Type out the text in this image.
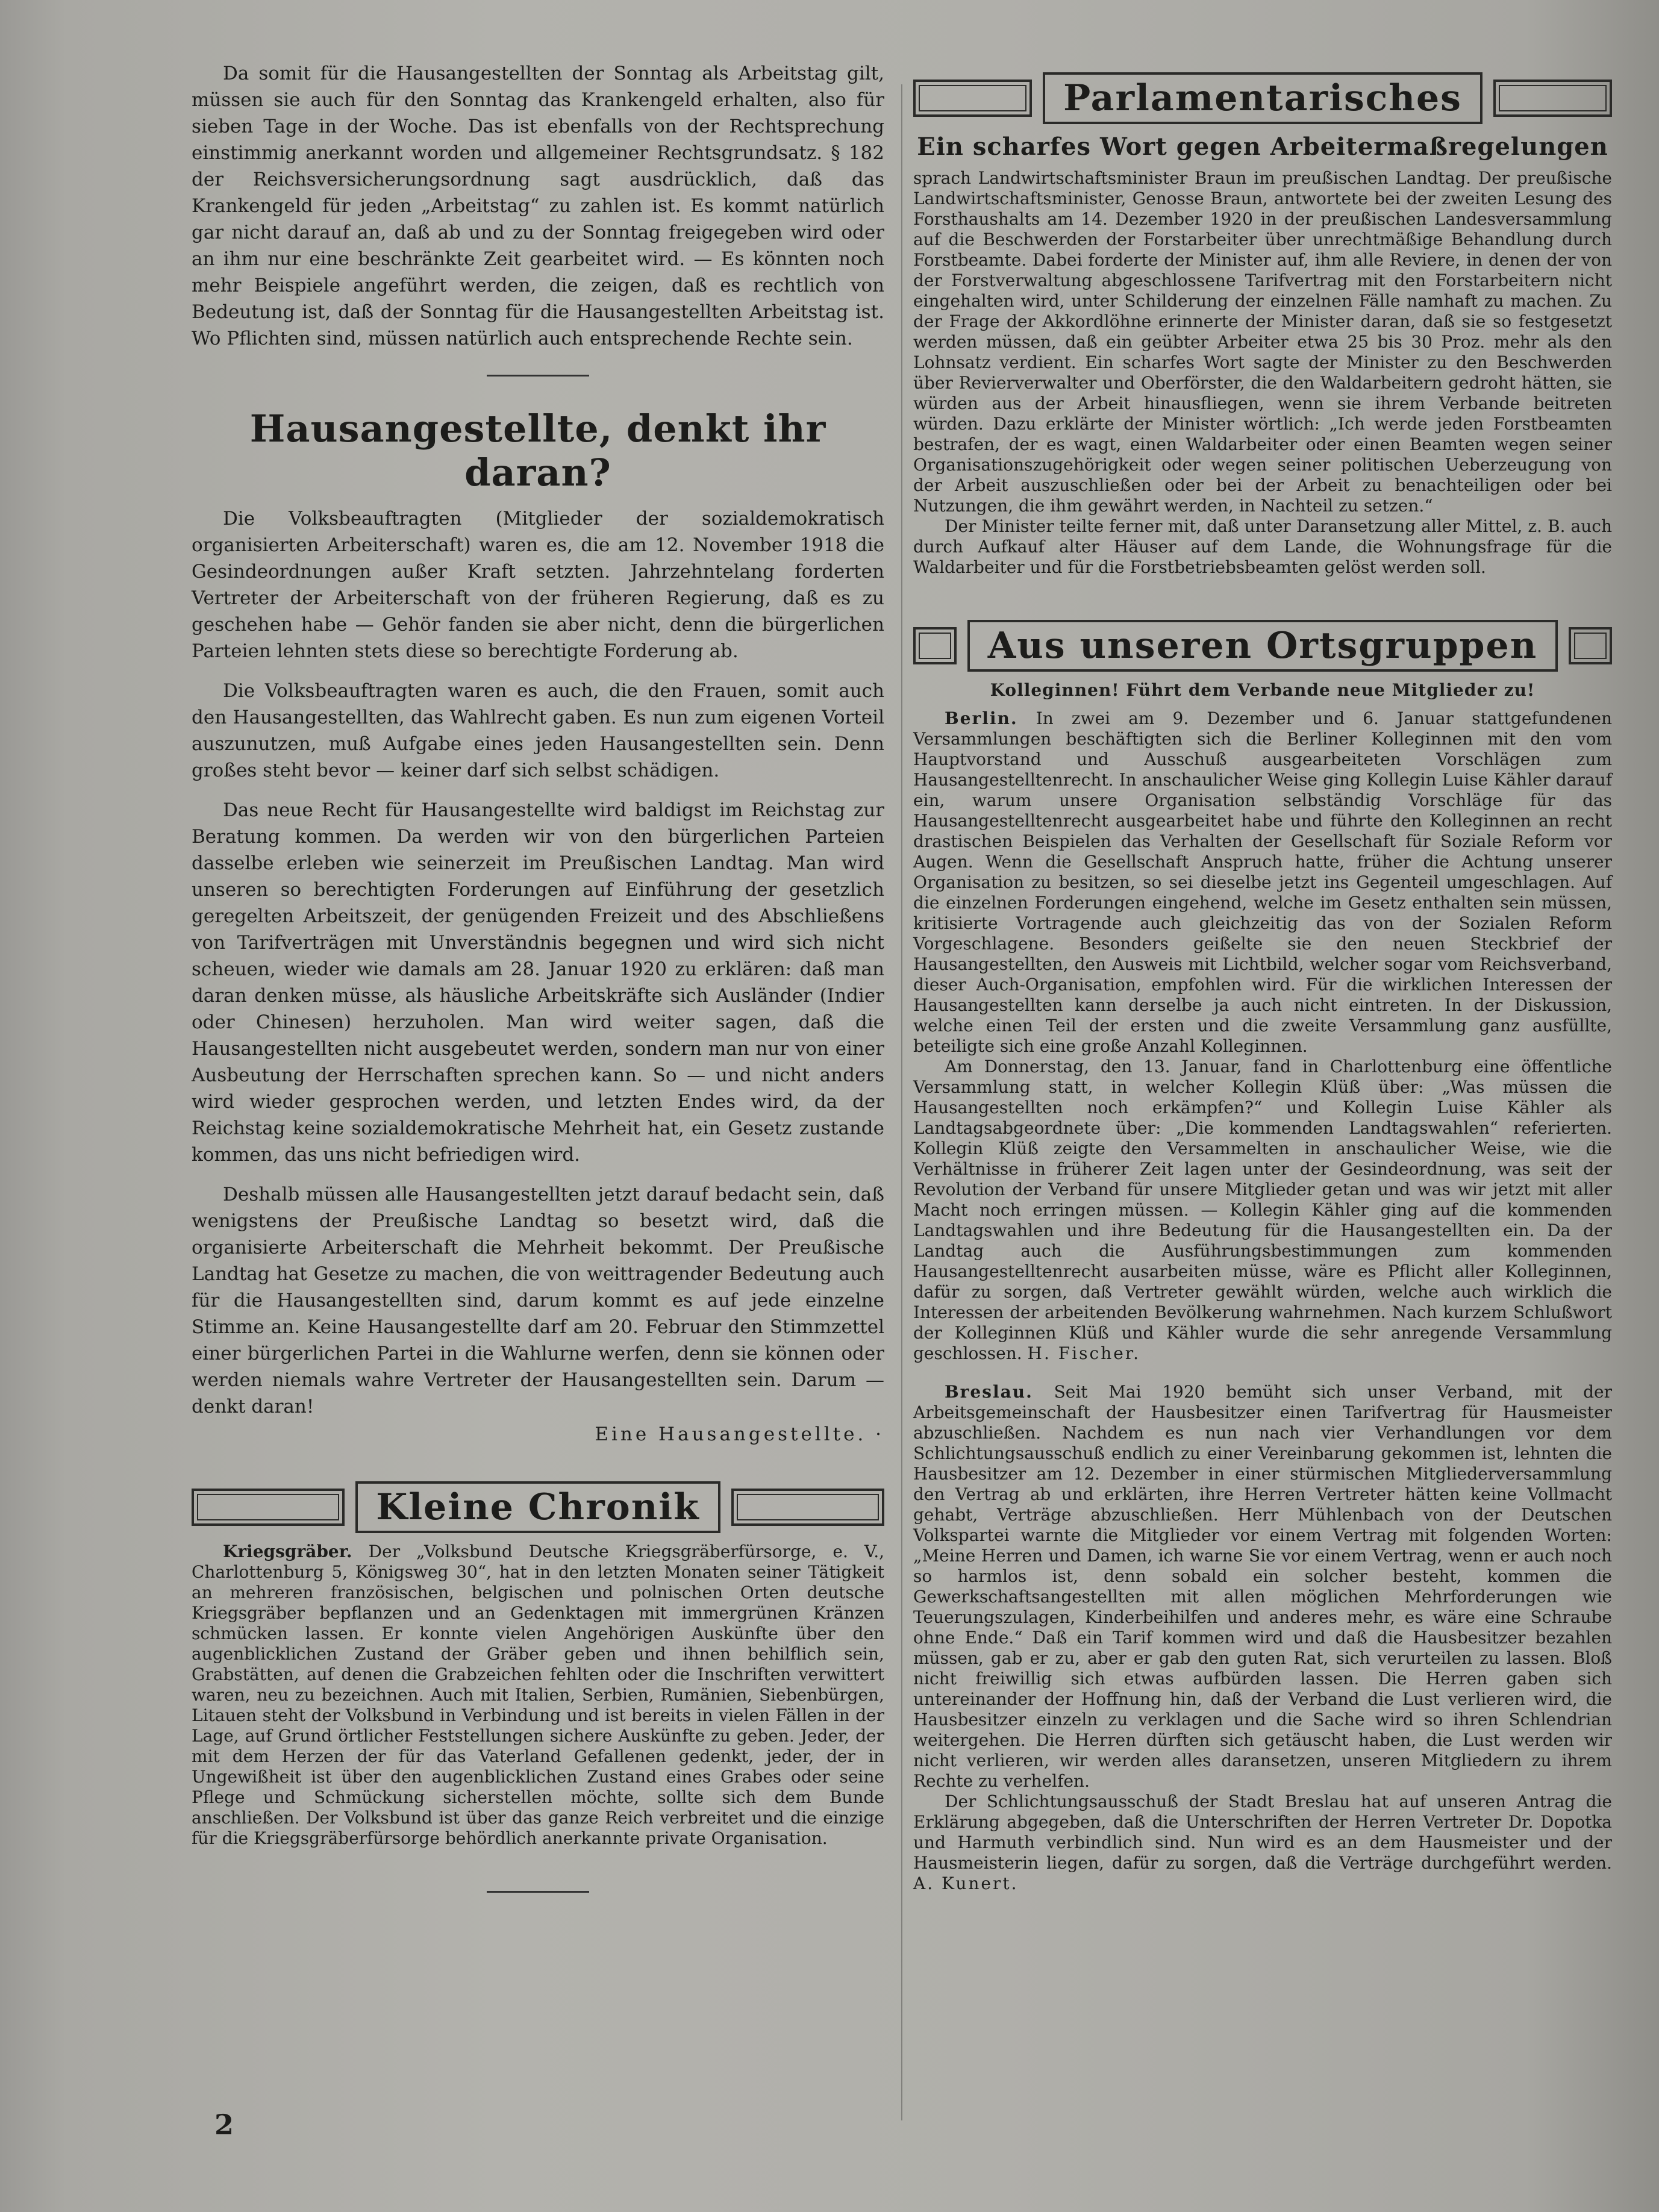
Da somit für die Hausangestellten der Sonntag als Arbeitstag gilt, müssen sie auch für den Sonntag das Krankengeld erhalten, also für sieben Tage in der Woche. Das ist ebenfalls von der Rechtsprechung einstimmig anerkannt worden und allgemeiner Rechtsgrundsatz. § 182 der Reichsversicherungsordnung sagt ausdrücklich, daß das Krankengeld für jeden „Arbeitstag“ zu zahlen ist. Es kommt natürlich gar nicht darauf an, daß ab und zu der Sonntag freigegeben wird oder an ihm nur eine beschränkte Zeit gearbeitet wird. — Es könnten noch mehr Beispiele angeführt werden, die zeigen, daß es rechtlich von Bedeutung ist, daß der Sonntag für die Hausangestellten Arbeitstag ist. Wo Pflichten sind, müssen natürlich auch entsprechende Rechte sein.

Hausangestellte, denkt ihr daran?

Die Volksbeauftragten (Mitglieder der sozialdemokratisch organisierten Arbeiterschaft) waren es, die am 12. November 1918 die Gesindeordnungen außer Kraft setzten. Jahrzehntelang forderten Vertreter der Arbeiterschaft von der früheren Regierung, daß es zu geschehen habe — Gehör fanden sie aber nicht, denn die bürgerlichen Parteien lehnten stets diese so berechtigte Forderung ab.

Die Volksbeauftragten waren es auch, die den Frauen, somit auch den Hausangestellten, das Wahlrecht gaben. Es nun zum eigenen Vorteil auszunutzen, muß Aufgabe eines jeden Hausangestellten sein. Denn großes steht bevor — keiner darf sich selbst schädigen.

Das neue Recht für Hausangestellte wird baldigst im Reichstag zur Beratung kommen. Da werden wir von den bürgerlichen Parteien dasselbe erleben wie seinerzeit im Preußischen Landtag. Man wird unseren so berechtigten Forderungen auf Einführung der gesetzlich geregelten Arbeitszeit, der genügenden Freizeit und des Abschließens von Tarifverträgen mit Unverständnis begegnen und wird sich nicht scheuen, wieder wie damals am 28. Januar 1920 zu erklären: daß man daran denken müsse, als häusliche Arbeitskräfte sich Ausländer (Indier oder Chinesen) herzuholen. Man wird weiter sagen, daß die Hausangestellten nicht ausgebeutet werden, sondern man nur von einer Ausbeutung der Herrschaften sprechen kann. So — und nicht anders wird wieder gesprochen werden, und letzten Endes wird, da der Reichstag keine sozialdemokratische Mehrheit hat, ein Gesetz zustande kommen, das uns nicht befriedigen wird.

Deshalb müssen alle Hausangestellten jetzt darauf bedacht sein, daß wenigstens der Preußische Landtag so besetzt wird, daß die organisierte Arbeiterschaft die Mehrheit bekommt. Der Preußische Landtag hat Gesetze zu machen, die von weittragender Bedeutung auch für die Hausangestellten sind, darum kommt es auf jede einzelne Stimme an. Keine Hausangestellte darf am 20. Februar den Stimmzettel einer bürgerlichen Partei in die Wahlurne werfen, denn sie können oder werden niemals wahre Vertreter der Hausangestellten sein. Darum — denkt daran!

Eine Hausangestellte. ·
Kleine Chronik

Kriegsgräber. Der „Volksbund Deutsche Kriegsgräberfürsorge, e. V., Charlottenburg 5, Königsweg 30“, hat in den letzten Monaten seiner Tätigkeit an mehreren französischen, belgischen und polnischen Orten deutsche Kriegsgräber bepflanzen und an Gedenktagen mit immergrünen Kränzen schmücken lassen. Er konnte vielen Angehörigen Auskünfte über den augenblicklichen Zustand der Gräber geben und ihnen behilflich sein, Grabstätten, auf denen die Grabzeichen fehlten oder die Inschriften verwittert waren, neu zu bezeichnen. Auch mit Italien, Serbien, Rumänien, Siebenbürgen, Litauen steht der Volksbund in Verbindung und ist bereits in vielen Fällen in der Lage, auf Grund örtlicher Feststellungen sichere Auskünfte zu geben. Jeder, der mit dem Herzen der für das Vaterland Gefallenen gedenkt, jeder, der in Ungewißheit ist über den augenblicklichen Zustand eines Grabes oder seine Pflege und Schmückung sicherstellen möchte, sollte sich dem Bunde anschließen. Der Volksbund ist über das ganze Reich verbreitet und die einzige für die Kriegsgräberfürsorge behördlich anerkannte private Organisation.

Parlamentarisches
Ein scharfes Wort gegen Arbeitermaßregelungen

sprach Landwirtschaftsminister Braun im preußischen Landtag. Der preußische Landwirtschaftsminister, Genosse Braun, antwortete bei der zweiten Lesung des Forsthaushalts am 14. Dezember 1920 in der preußischen Landesversammlung auf die Beschwerden der Forstarbeiter über unrechtmäßige Behandlung durch Forstbeamte. Dabei forderte der Minister auf, ihm alle Reviere, in denen der von der Forstverwaltung abgeschlossene Tarifvertrag mit den Forstarbeitern nicht eingehalten wird, unter Schilderung der einzelnen Fälle namhaft zu machen. Zu der Frage der Akkordlöhne erinnerte der Minister daran, daß sie so festgesetzt werden müssen, daß ein geübter Arbeiter etwa 25 bis 30 Proz. mehr als den Lohnsatz verdient. Ein scharfes Wort sagte der Minister zu den Beschwerden über Revierverwalter und Oberförster, die den Waldarbeitern gedroht hätten, sie würden aus der Arbeit hinausfliegen, wenn sie ihrem Verbande beitreten würden. Dazu erklärte der Minister wörtlich: „Ich werde jeden Forstbeamten bestrafen, der es wagt, einen Waldarbeiter oder einen Beamten wegen seiner Organisationszugehörigkeit oder wegen seiner politischen Ueberzeugung von der Arbeit auszuschließen oder bei der Arbeit zu benachteiligen oder bei Nutzungen, die ihm gewährt werden, in Nachteil zu setzen.“

Der Minister teilte ferner mit, daß unter Daransetzung aller Mittel, z. B. auch durch Aufkauf alter Häuser auf dem Lande, die Wohnungsfrage für die Waldarbeiter und für die Forstbetriebsbeamten gelöst werden soll.

Aus unseren Ortsgruppen
Kolleginnen! Führt dem Verbande neue Mitglieder zu!

Berlin. In zwei am 9. Dezember und 6. Januar stattgefundenen Versammlungen beschäftigten sich die Berliner Kolleginnen mit den vom Hauptvorstand und Ausschuß ausgearbeiteten Vorschlägen zum Hausangestelltenrecht. In anschaulicher Weise ging Kollegin Luise Kähler darauf ein, warum unsere Organisation selbständig Vorschläge für das Hausangestelltenrecht ausgearbeitet habe und führte den Kolleginnen an recht drastischen Beispielen das Verhalten der Gesellschaft für Soziale Reform vor Augen. Wenn die Gesellschaft Anspruch hatte, früher die Achtung unserer Organisation zu besitzen, so sei dieselbe jetzt ins Gegenteil umgeschlagen. Auf die einzelnen Forderungen eingehend, welche im Gesetz enthalten sein müssen, kritisierte Vortragende auch gleichzeitig das von der Sozialen Reform Vorgeschlagene. Besonders geißelte sie den neuen Steckbrief der Hausangestellten, den Ausweis mit Lichtbild, welcher sogar vom Reichsverband, dieser Auch-Organisation, empfohlen wird. Für die wirklichen Interessen der Hausangestellten kann derselbe ja auch nicht eintreten. In der Diskussion, welche einen Teil der ersten und die zweite Versammlung ganz ausfüllte, beteiligte sich eine große Anzahl Kolleginnen.

Am Donnerstag, den 13. Januar, fand in Charlottenburg eine öffentliche Versammlung statt, in welcher Kollegin Klüß über: „Was müssen die Hausangestellten noch erkämpfen?“ und Kollegin Luise Kähler als Landtagsabgeordnete über: „Die kommenden Landtagswahlen“ referierten. Kollegin Klüß zeigte den Versammelten in anschaulicher Weise, wie die Verhältnisse in früherer Zeit lagen unter der Gesindeordnung, was seit der Revolution der Verband für unsere Mitglieder getan und was wir jetzt mit aller Macht noch erringen müssen. — Kollegin Kähler ging auf die kommenden Landtagswahlen und ihre Bedeutung für die Hausangestellten ein. Da der Landtag auch die Ausführungsbestimmungen zum kommenden Hausangestelltenrecht ausarbeiten müsse, wäre es Pflicht aller Kolleginnen, dafür zu sorgen, daß Vertreter gewählt würden, welche auch wirklich die Interessen der arbeitenden Bevölkerung wahrnehmen. Nach kurzem Schlußwort der Kolleginnen Klüß und Kähler wurde die sehr anregende Versammlung geschlossen. H. Fischer.

Breslau. Seit Mai 1920 bemüht sich unser Verband, mit der Arbeitsgemeinschaft der Hausbesitzer einen Tarifvertrag für Hausmeister abzuschließen. Nachdem es nun nach vier Verhandlungen vor dem Schlichtungsausschuß endlich zu einer Vereinbarung gekommen ist, lehnten die Hausbesitzer am 12. Dezember in einer stürmischen Mitgliederversammlung den Vertrag ab und erklärten, ihre Herren Vertreter hätten keine Vollmacht gehabt, Verträge abzuschließen. Herr Mühlenbach von der Deutschen Volkspartei warnte die Mitglieder vor einem Vertrag mit folgenden Worten: „Meine Herren und Damen, ich warne Sie vor einem Vertrag, wenn er auch noch so harmlos ist, denn sobald ein solcher besteht, kommen die Gewerkschaftsangestellten mit allen möglichen Mehrforderungen wie Teuerungszulagen, Kinderbeihilfen und anderes mehr, es wäre eine Schraube ohne Ende.“ Daß ein Tarif kommen wird und daß die Hausbesitzer bezahlen müssen, gab er zu, aber er gab den guten Rat, sich verurteilen zu lassen. Bloß nicht freiwillig sich etwas aufbürden lassen. Die Herren gaben sich untereinander der Hoffnung hin, daß der Verband die Lust verlieren wird, die Hausbesitzer einzeln zu verklagen und die Sache wird so ihren Schlendrian weitergehen. Die Herren dürften sich getäuscht haben, die Lust werden wir nicht verlieren, wir werden alles daransetzen, unseren Mitgliedern zu ihrem Rechte zu verhelfen.

Der Schlichtungsausschuß der Stadt Breslau hat auf unseren Antrag die Erklärung abgegeben, daß die Unterschriften der Herren Vertreter Dr. Dopotka und Harmuth verbindlich sind. Nun wird es an dem Hausmeister und der Hausmeisterin liegen, dafür zu sorgen, daß die Verträge durchgeführt werden. A. Kunert.

2
